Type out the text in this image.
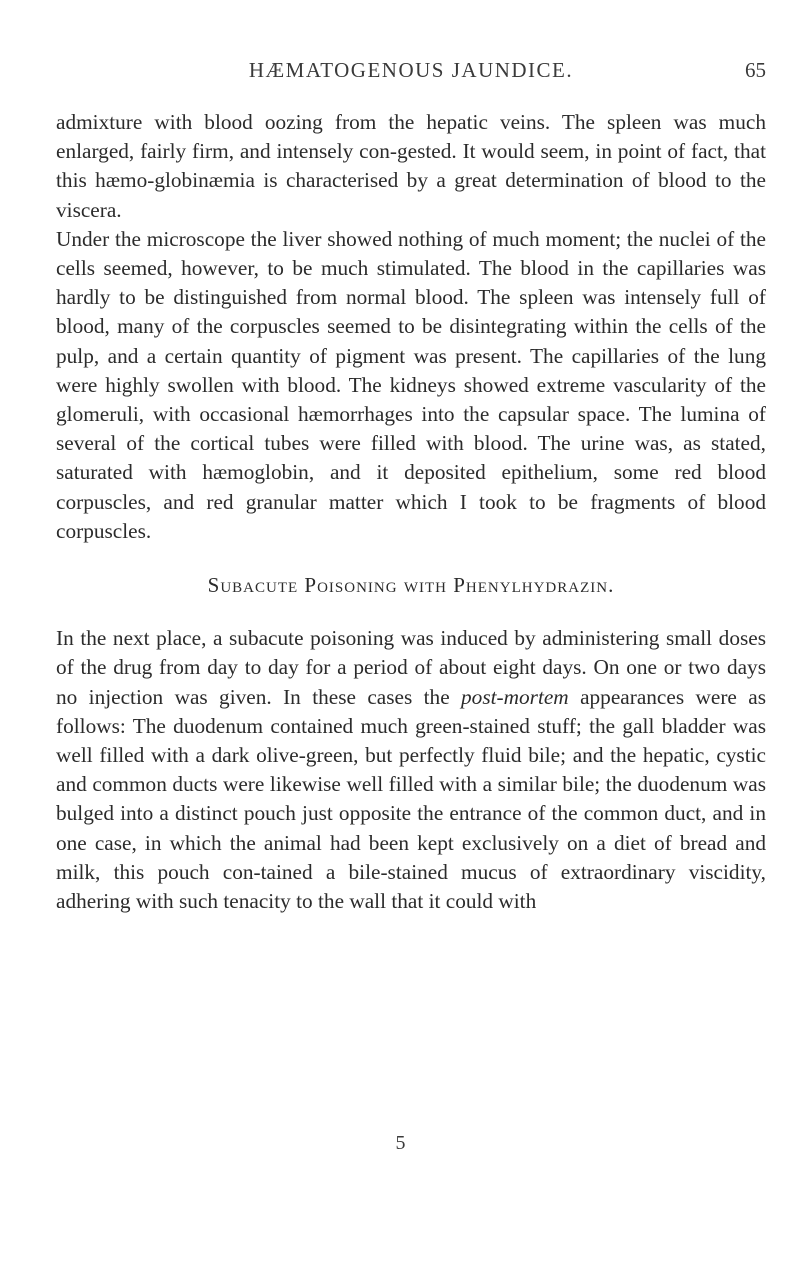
HÆMATOGENOUS JAUNDICE.	65

admixture with blood oozing from the hepatic veins. The spleen was much enlarged, fairly firm, and intensely con-gested. It would seem, in point of fact, that this hæmo-globinæmia is characterised by a great determination of blood to the viscera.

Under the microscope the liver showed nothing of much moment; the nuclei of the cells seemed, however, to be much stimulated. The blood in the capillaries was hardly to be distinguished from normal blood. The spleen was intensely full of blood, many of the corpuscles seemed to be disintegrating within the cells of the pulp, and a certain quantity of pigment was present. The capillaries of the lung were highly swollen with blood. The kidneys showed extreme vascularity of the glomeruli, with occasional hæmorrhages into the capsular space. The lumina of several of the cortical tubes were filled with blood. The urine was, as stated, saturated with hæmoglobin, and it deposited epithelium, some red blood corpuscles, and red granular matter which I took to be fragments of blood corpuscles.

Subacute Poisoning with Phenylhydrazin.

In the next place, a subacute poisoning was induced by administering small doses of the drug from day to day for a period of about eight days. On one or two days no injection was given. In these cases the post-mortem appearances were as follows: The duodenum contained much green-stained stuff; the gall bladder was well filled with a dark olive-green, but perfectly fluid bile; and the hepatic, cystic and common ducts were likewise well filled with a similar bile; the duodenum was bulged into a distinct pouch just opposite the entrance of the common duct, and in one case, in which the animal had been kept exclusively on a diet of bread and milk, this pouch con-tained a bile-stained mucus of extraordinary viscidity, adhering with such tenacity to the wall that it could with

5
